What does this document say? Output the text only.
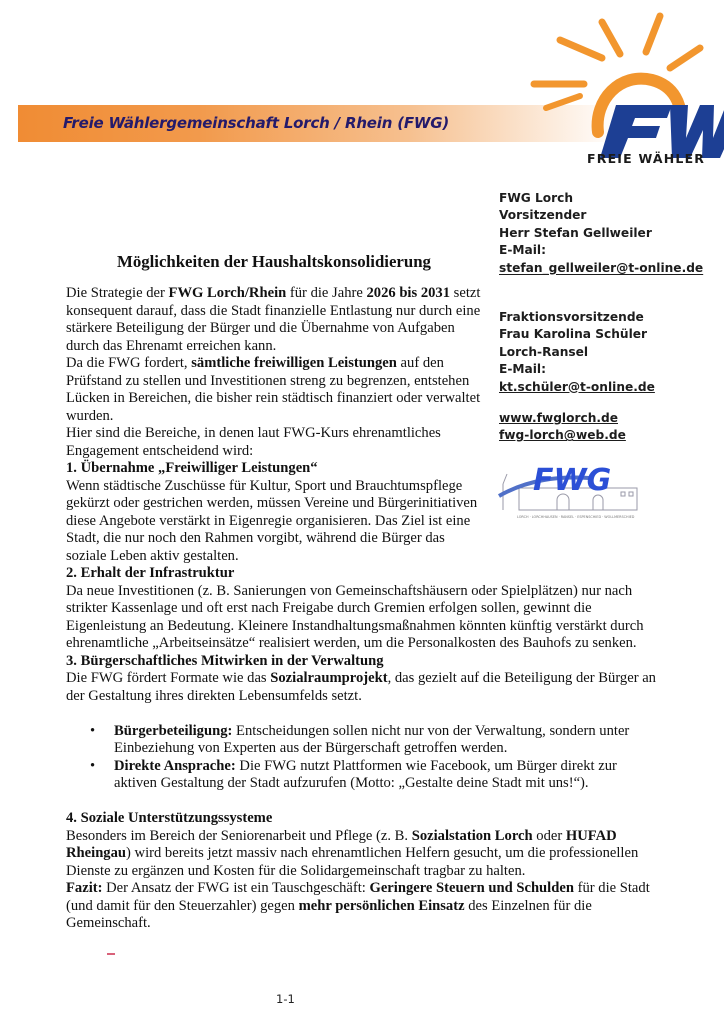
Freie Wählergemeinschaft Lorch / Rhein (FWG)
FREIE WÄHLER
FWG Lorch
Vorsitzender
Herr Stefan Gellweiler
E-Mail:
stefan_gellweiler@t-online.de
Fraktionsvorsitzende
Frau Karolina Schüler
Lorch-Ransel
E-Mail:
kt.schüler@t-online.de
www.fwglorch.de
fwg-lorch@web.de
FWG
LORCH · LORCHHAUSEN · RANSEL · ESPENSCHIED · WOLLMERSCHIED
Möglichkeiten der Haushaltskonsolidierung

Die Strategie der FWG Lorch/Rhein für die Jahre 2026 bis 2031 setzt konsequent darauf, dass die Stadt finanzielle Entlastung nur durch eine stärkere Beteiligung der Bürger und die Übernahme von Aufgaben durch das Ehrenamt erreichen kann.

Da die FWG fordert, sämtliche freiwilligen Leistungen auf den Prüfstand zu stellen und Investitionen streng zu begrenzen, entstehen Lücken in Bereichen, die bisher rein städtisch finanziert oder verwaltet wurden.

Hier sind die Bereiche, in denen laut FWG-Kurs ehrenamtliches Engagement entscheidend wird:

1. Übernahme „Freiwilliger Leistungen“

Wenn städtische Zuschüsse für Kultur, Sport und Brauchtumspflege gekürzt oder gestrichen werden, müssen Vereine und Bürgerinitiativen diese Angebote verstärkt in Eigenregie organisieren. Das Ziel ist eine Stadt, die nur noch den Rahmen vorgibt, während die Bürger das soziale Leben aktiv gestalten.

2. Erhalt der Infrastruktur

Da neue Investitionen (z. B. Sanierungen von Gemeinschaftshäusern oder Spielplätzen) nur nach strikter Kassenlage und oft erst nach Freigabe durch Gremien erfolgen sollen, gewinnt die Eigenleistung an Bedeutung. Kleinere Instandhaltungsmaßnahmen könnten künftig verstärkt durch ehrenamtliche „Arbeitseinsätze“ realisiert werden, um die Personalkosten des Bauhofs zu senken.

3. Bürgerschaftliches Mitwirken in der Verwaltung

Die FWG fördert Formate wie das Sozialraumprojekt, das gezielt auf die Beteiligung der Bürger an der Gestaltung ihres direkten Lebensumfelds setzt.

• Bürgerbeteiligung: Entscheidungen sollen nicht nur von der Verwaltung, sondern unter Einbeziehung von Experten aus der Bürgerschaft getroffen werden.
• Direkte Ansprache: Die FWG nutzt Plattformen wie Facebook, um Bürger direkt zur aktiven Gestaltung der Stadt aufzurufen (Motto: „Gestalte deine Stadt mit uns!“).

4. Soziale Unterstützungssysteme

Besonders im Bereich der Seniorenarbeit und Pflege (z. B. Sozialstation Lorch oder HUFAD Rheingau) wird bereits jetzt massiv nach ehrenamtlichen Helfern gesucht, um die professionellen Dienste zu ergänzen und Kosten für die Solidargemeinschaft tragbar zu halten.

Fazit: Der Ansatz der FWG ist ein Tauschgeschäft: Geringere Steuern und Schulden für die Stadt (und damit für den Steuerzahler) gegen mehr persönlichen Einsatz des Einzelnen für die Gemeinschaft.

1-1
